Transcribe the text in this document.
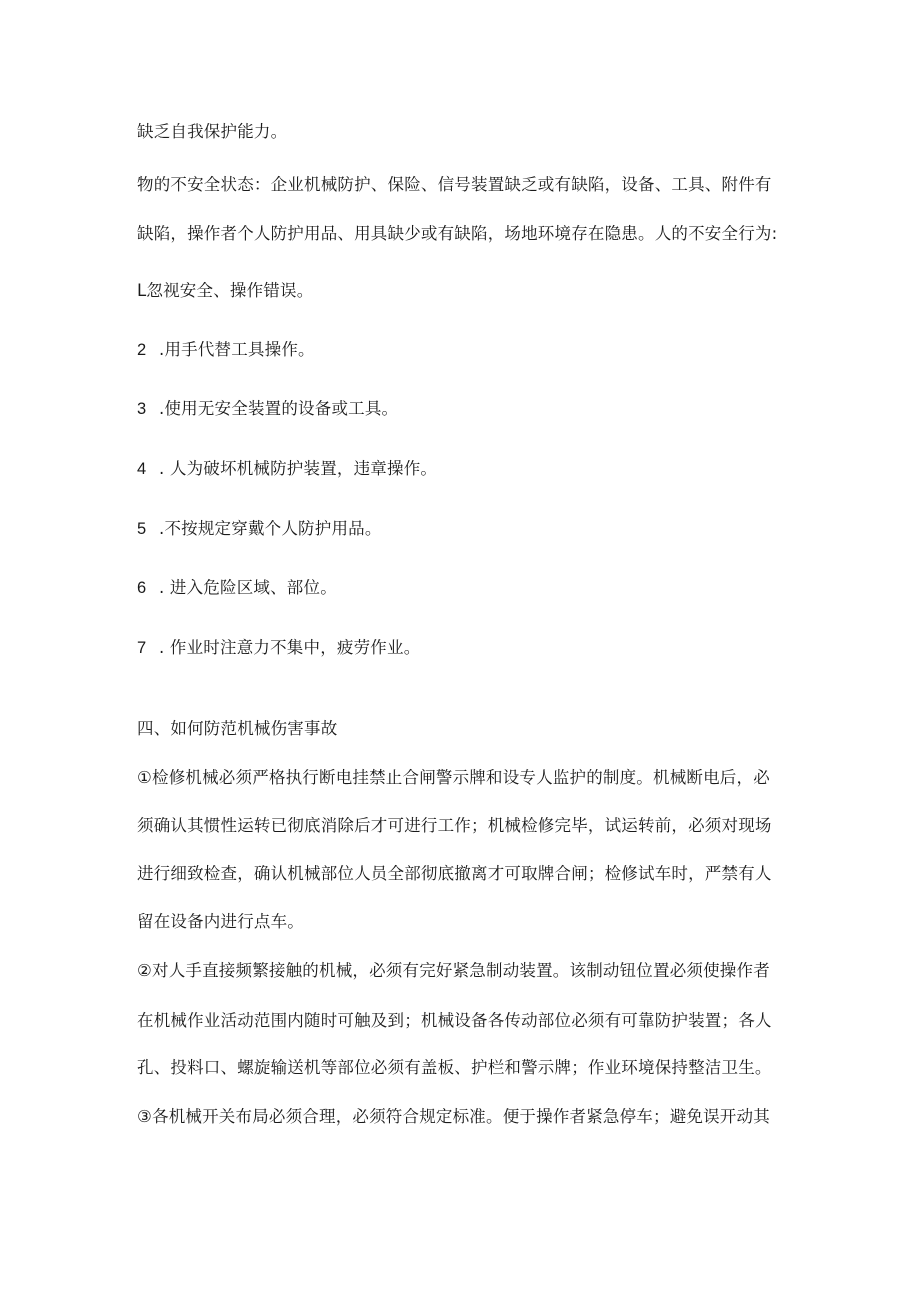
缺乏自我保护能力。
物的不安全状态：企业机械防护、保险、信号装置缺乏或有缺陷，设备、工具、附件有
缺陷，操作者个人防护用品、用具缺少或有缺陷，场地环境存在隐患。人的不安全行为:
L忽视安全、操作错误。
2 .用手代替工具操作。
3 .使用无安全装置的设备或工具。
4 . 人为破坏机械防护装置，违章操作。
5 .不按规定穿戴个人防护用品。
6 . 进入危险区域、部位。
7 . 作业时注意力不集中，疲劳作业。
四、如何防范机械伤害事故
①检修机械必须严格执行断电挂禁止合闸警示牌和设专人监护的制度。机械断电后，必
须确认其惯性运转已彻底消除后才可进行工作；机械检修完毕，试运转前，必须对现场
进行细致检查，确认机械部位人员全部彻底撤离才可取牌合闸；检修试车时，严禁有人
留在设备内进行点车。
②对人手直接频繁接触的机械，必须有完好紧急制动装置。该制动钮位置必须使操作者
在机械作业活动范围内随时可触及到；机械设备各传动部位必须有可靠防护装置；各人
孔、投料口、螺旋输送机等部位必须有盖板、护栏和警示牌；作业环境保持整洁卫生。
③各机械开关布局必须合理，必须符合规定标准。便于操作者紧急停车；避免误开动其
